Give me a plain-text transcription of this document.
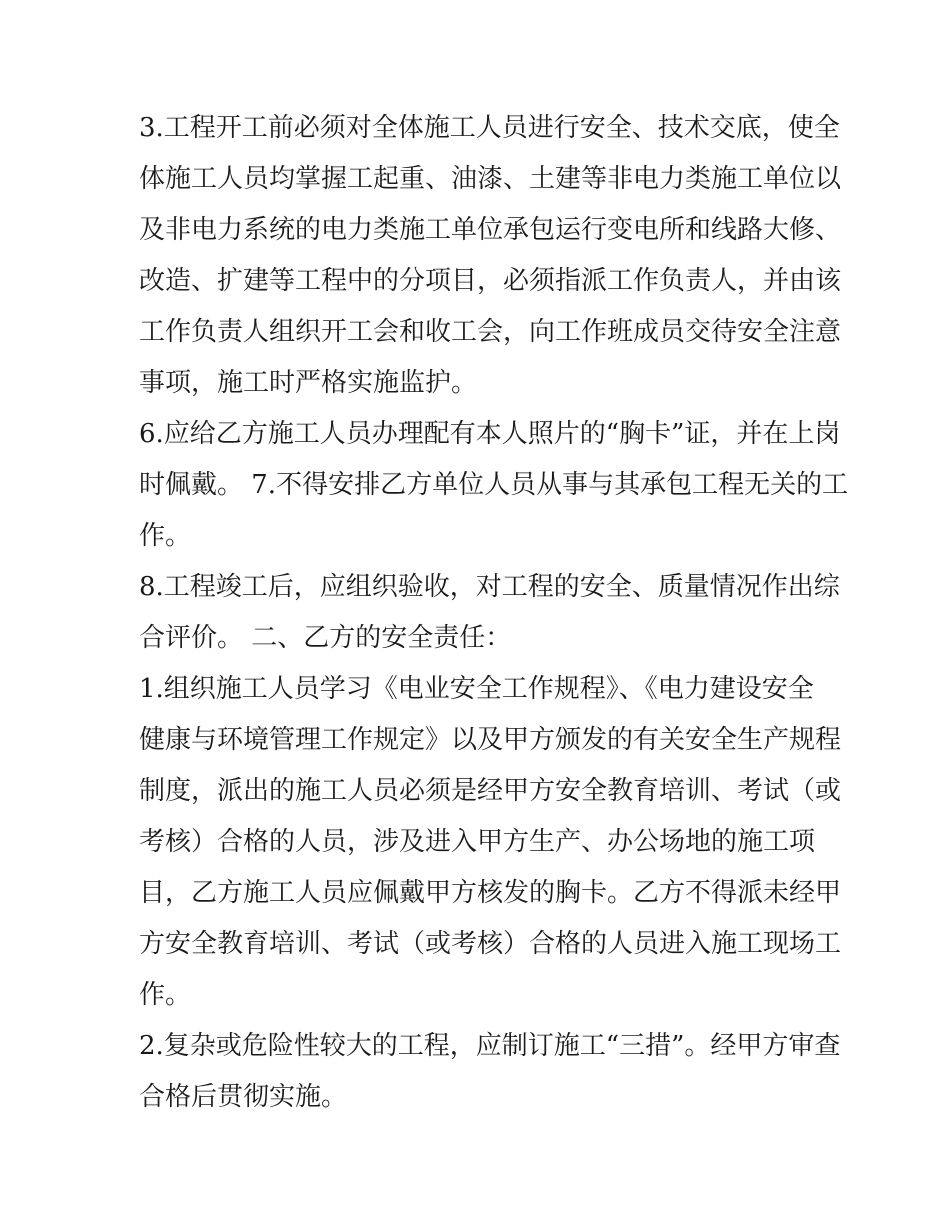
3.工程开工前必须对全体施工人员进行安全、技术交底，使全
体施工人员均掌握工起重、油漆、土建等非电力类施工单位以
及非电力系统的电力类施工单位承包运行变电所和线路大修、
改造、扩建等工程中的分项目，必须指派工作负责人，并由该
工作负责人组织开工会和收工会，向工作班成员交待安全注意
事项，施工时严格实施监护。
6.应给乙方施工人员办理配有本人照片的“胸卡”证，并在上岗
时佩戴。 7.不得安排乙方单位人员从事与其承包工程无关的工
作。
8.工程竣工后，应组织验收，对工程的安全、质量情况作出综
合评价。 二、乙方的安全责任：
1.组织施工人员学习《电业安全工作规程》、《电力建设安全
健康与环境管理工作规定》以及甲方颁发的有关安全生产规程
制度，派出的施工人员必须是经甲方安全教育培训、考试（或
考核）合格的人员，涉及进入甲方生产、办公场地的施工项
目，乙方施工人员应佩戴甲方核发的胸卡。乙方不得派未经甲
方安全教育培训、考试（或考核）合格的人员进入施工现场工
作。
2.复杂或危险性较大的工程，应制订施工“三措”。经甲方审查
合格后贯彻实施。
